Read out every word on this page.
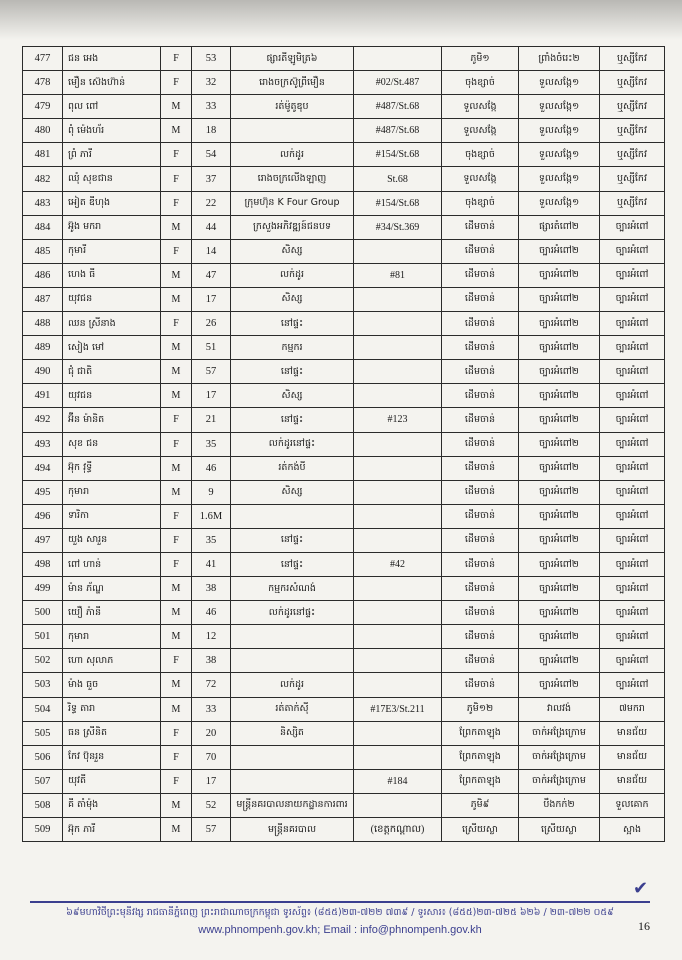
477	ជន អេង	F	53	ផ្សារតីឡូមិត្រ៦		ភូមិ១	ព្រាំងចំរេះ២	ឬស្សីកែវ
478	មឿន ស៊េងហ៊ាន់	F	32	រោងចក្រស៊ូព្រីមឿន	#02/St.487	ចុងខ្សាច់	ទួលសង្កែ១	ឬស្សីកែវ
479	ពុល ពៅ	M	33	រត់ម៉ូតូឌុប	#487/St.68	ទួលសង្កែ	ទួលសង្កែ១	ឬស្សីកែវ
480	ពុំ ម៉េងហ័រ	M	18		#487/St.68	ទួលសង្កែ	ទួលសង្កែ១	ឬស្សីកែវ
481	ព្រំ ភារី	F	54	លក់ដូរ	#154/St.68	ចុងខ្សាច់	ទួលសង្កែ១	ឬស្សីកែវ
482	ឈុំ សុខជាន	F	37	រោងចក្រលើងឡាញ	St.68	ទួលសង្កែ	ទួលសង្កែ១	ឬស្សីកែវ
483	អៀត ឌីហុង	F	22	ក្រុមហ៊ុន K Four Group	#154/St.68	ចុងខ្សាច់	ទួលសង្កែ១	ឬស្សីកែវ
484	អ៊ូង មករា	M	44	ក្រសួងអភិវឌ្ឍន៍ជនបទ	#34/St.369	ដើមចាន់	ផ្សារតំពៅ២	ច្បារអំពៅ
485	កុមារី	F	14	សិស្ស		ដើមចាន់	ច្បារអំពៅ២	ច្បារអំពៅ
486	ហេង ធី	M	47	លក់ដូរ	#81	ដើមចាន់	ច្បារអំពៅ២	ច្បារអំពៅ
487	យុវជន	M	17	សិស្ស		ដើមចាន់	ច្បារអំពៅ២	ច្បារអំពៅ
488	ឈន ស្រីនាង	F	26	នៅផ្ទះ		ដើមចាន់	ច្បារអំពៅ២	ច្បារអំពៅ
489	សៀង មៅ	M	51	កម្មករ		ដើមចាន់	ច្បារអំពៅ២	ច្បារអំពៅ
490	ជុំ ជាតិ	M	57	នៅផ្ទះ		ដើមចាន់	ច្បារអំពៅ២	ច្បារអំពៅ
491	យុវជន	M	17	សិស្ស		ដើមចាន់	ច្បារអំពៅ២	ច្បារអំពៅ
492	អ៊ីន ម៉ានិត	F	21	នៅផ្ទះ	#123	ដើមចាន់	ច្បារអំពៅ២	ច្បារអំពៅ
493	សុខ ជន	F	35	លក់ដូរនៅផ្ទះ		ដើមចាន់	ច្បារអំពៅ២	ច្បារអំពៅ
494	អ៊ុក វុទ្ធី	M	46	រត់កង់បី		ដើមចាន់	ច្បារអំពៅ២	ច្បារអំពៅ
495	កុមារា	M	9	សិស្ស		ដើមចាន់	ច្បារអំពៅ២	ច្បារអំពៅ
496	ទារិកា	F	1.6M			ដើមចាន់	ច្បារអំពៅ២	ច្បារអំពៅ
497	យួង សារួន	F	35	នៅផ្ទះ		ដើមចាន់	ច្បារអំពៅ២	ច្បារអំពៅ
498	ពៅ ហាន់	F	41	នៅផ្ទះ	#42	ដើមចាន់	ច្បារអំពៅ២	ច្បារអំពៅ
499	ម៉ាន ភ័ណ្ឌ	M	38	កម្មករសំណង់		ដើមចាន់	ច្បារអំពៅ២	ច្បារអំពៅ
500	យឿ ភ៉ានី	M	46	លក់ដូរនៅផ្ទះ		ដើមចាន់	ច្បារអំពៅ២	ច្បារអំពៅ
501	កុមារា	M	12			ដើមចាន់	ច្បារអំពៅ២	ច្បារអំពៅ
502	ហោ សុលាភ	F	38			ដើមចាន់	ច្បារអំពៅ២	ច្បារអំពៅ
503	ម៉ាង ធួច	M	72	លក់ដូរ		ដើមចាន់	ច្បារអំពៅ២	ច្បារអំពៅ
504	រិទ្ធ តារា	M	33	រត់តាក់ស៊ី	#17E3/St.211	ភូមិ១២	វាលវង់	៧មករា
505	ធន ស្រីនិត	F	20	និស្សិត		ព្រែកតាឡុង	ចាក់អង្រែក្រោម	មានជ័យ
506	កែវ ប៊ុនរួន	F	70			ព្រែកតាឡុង	ចាក់អង្រែក្រោម	មានជ័យ
507	យុវតី	F	17		#184	ព្រែកតាឡុង	ចាក់អង្រែក្រោម	មានជ័យ
508	គី តាំម៉ុង	M	52	មន្ត្រីនគរបាលនាយកដ្ឋានការពារ		ភូមិ៩	បឹងកក់២	ទួលគោក
509	អ៊ុក ភារី	M	57	មន្ត្រីនគរបាល	(ខេត្តកណ្តាល)	ស្រើយស្លា	ស្រើយស្លា	ស្អាង
✔
៦៩មហាវិថីព្រះមុនីវង្ស រាជធានីភ្នំពេញ ព្រះរាជាណាចក្រកម្ពុជា ទូរស័ព្ទ៖ (៨៥៥)២៣-៧២២ ៧៣៩ / ទូរសារ៖ (៨៥៥)២៣-៧២៥ ៦២៦ / ២៣-៧២២ ០៥៩
www.phnompenh.gov.kh; Email : info@phnompenh.gov.kh	16
